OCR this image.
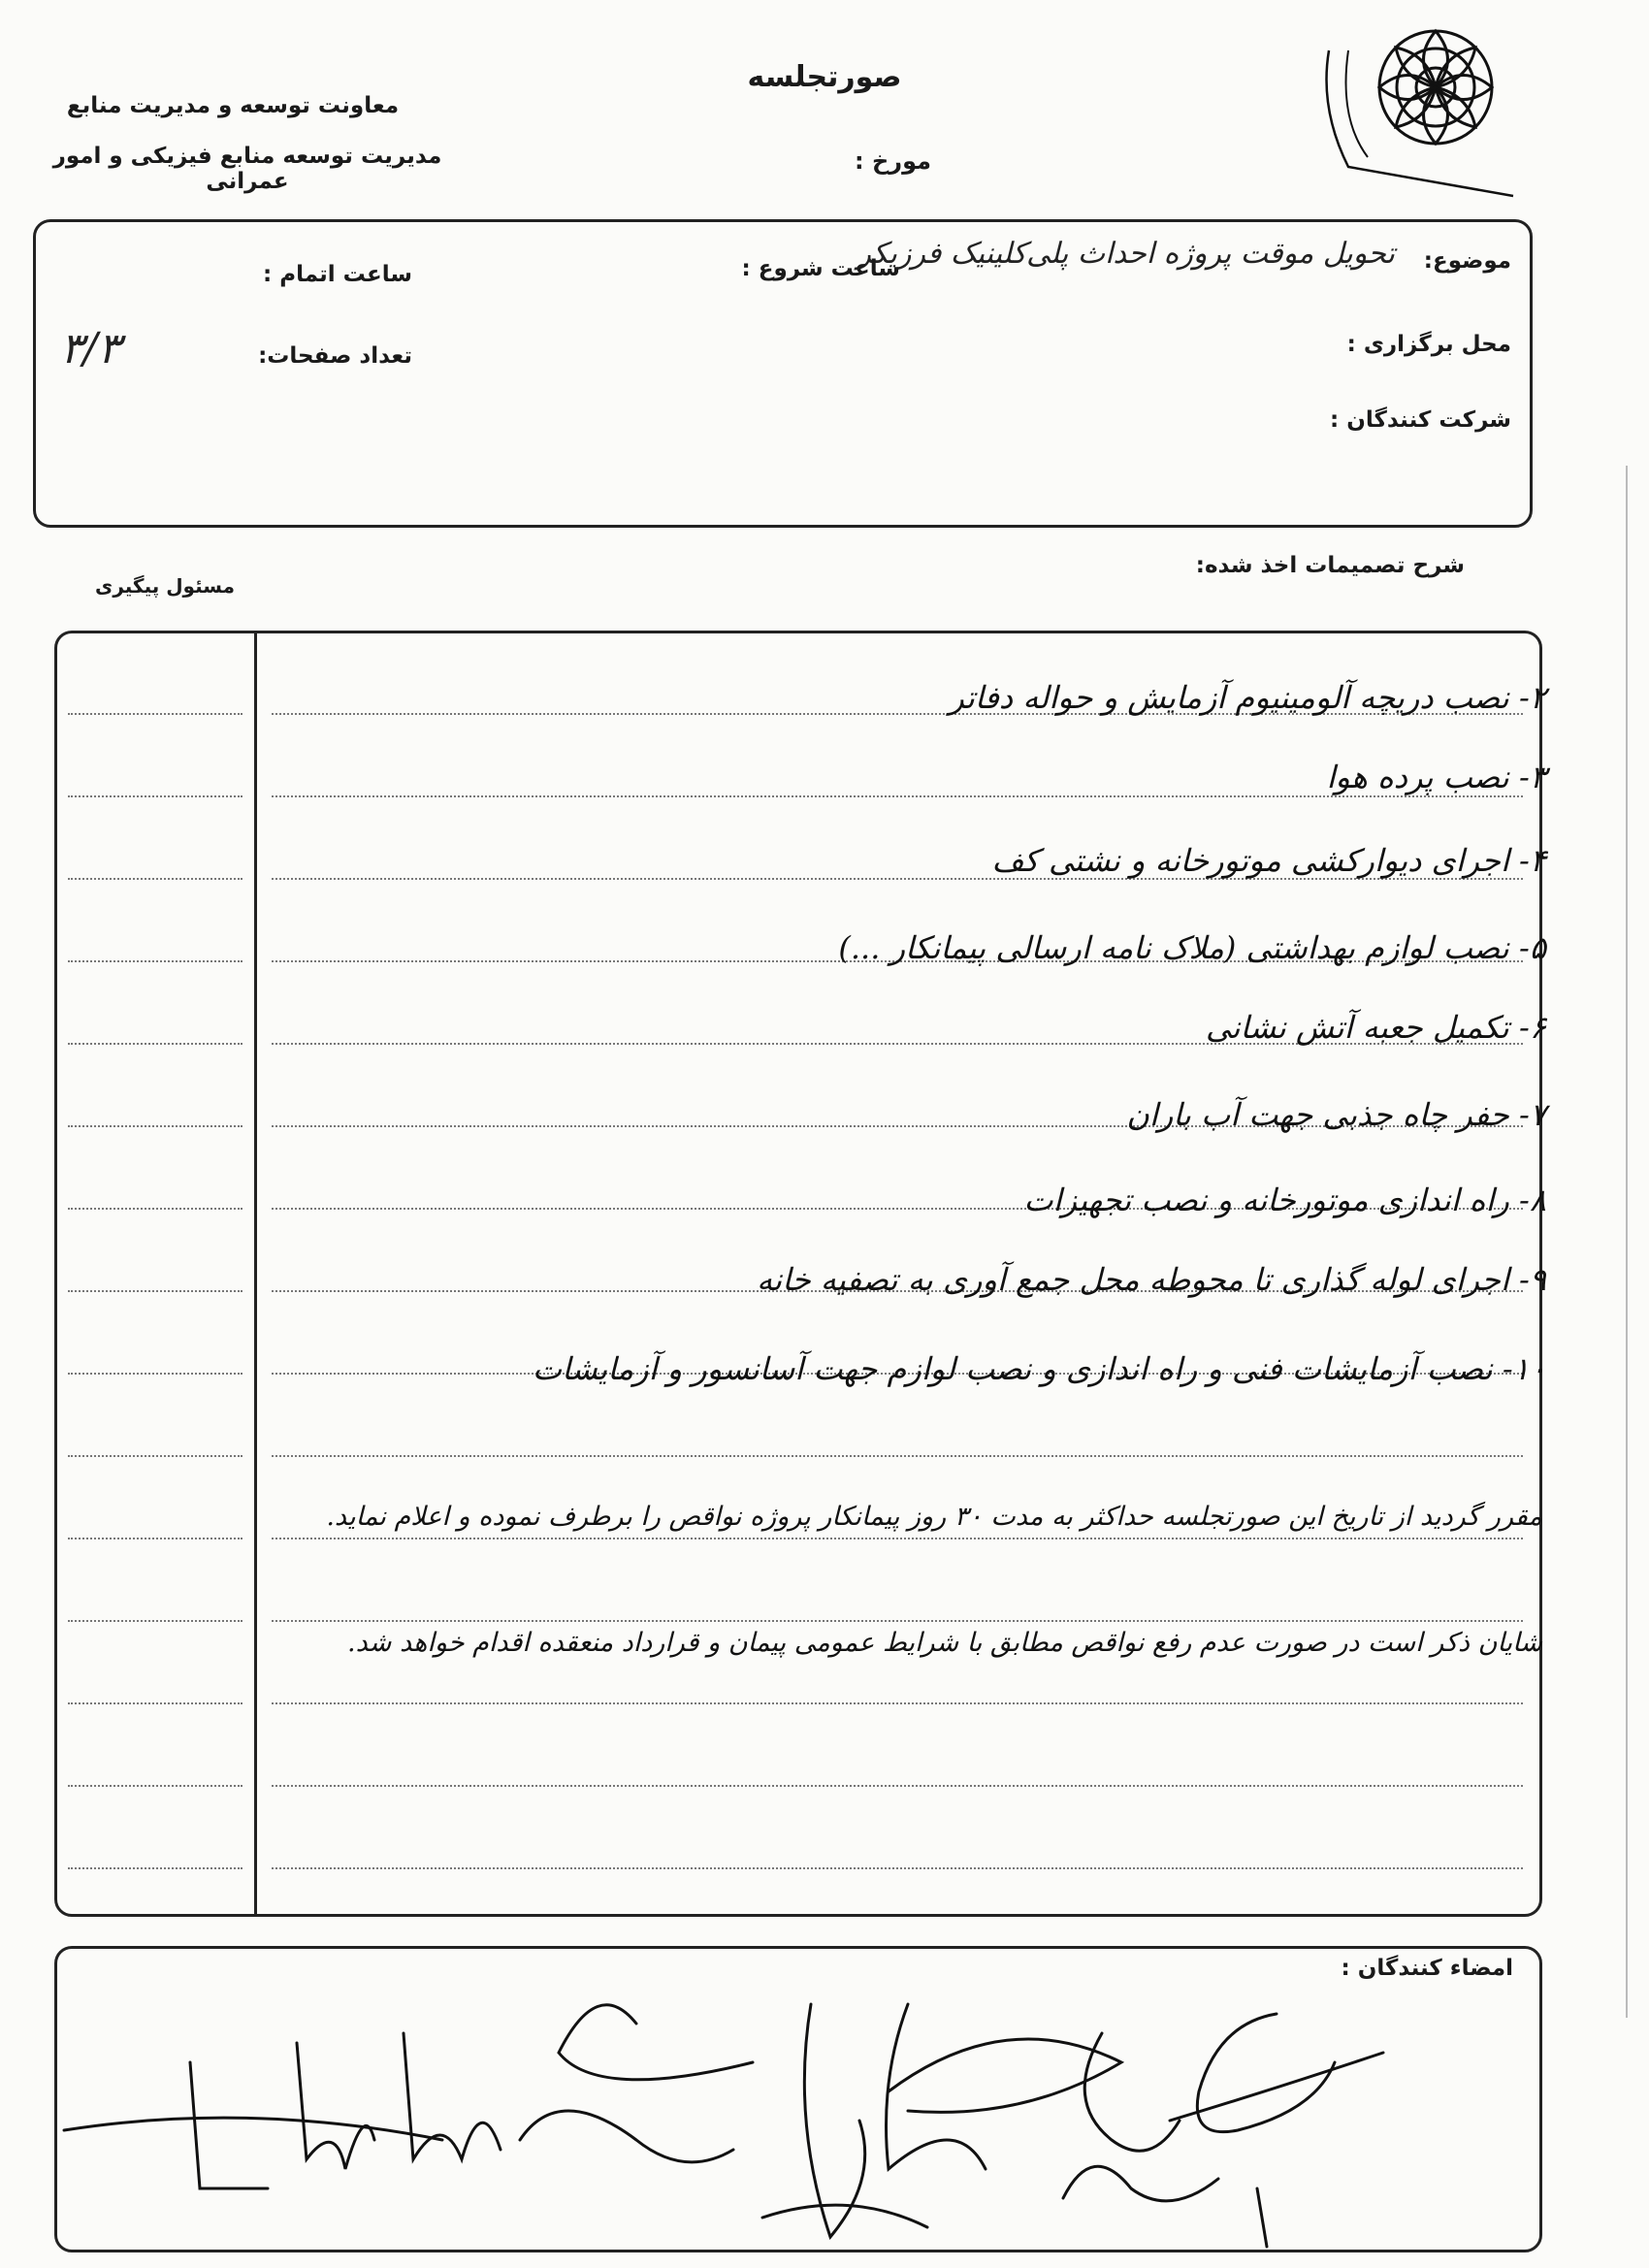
صورتجلسه
مورخ :
معاونت توسعه و مدیریت منابع
مدیریت توسعه منابع فیزیکی و امور عمرانی
موضوع:
تحویل موقت پروژه احداث پلی‌کلینیک فرزیکر
ساعت شروع :
ساعت اتمام :
محل برگزاری :
تعداد صفحات:
۳/۳
شرکت کنندگان :
شرح تصمیمات اخذ شده:
مسئول پیگیری
۲- نصب دریچه آلومینیوم آزمایش و حواله دفاتر
۳- نصب پرده هوا
۴- اجرای دیوارکشی موتورخانه و نشتی کف
۵- نصب لوازم بهداشتی (ملاک نامه ارسالی پیمانکار ...)
۶- تکمیل جعبه آتش نشانی
۷- حفر چاه جذبی جهت آب باران
۸- راه اندازی موتورخانه و نصب تجهیزات
۹- اجرای لوله گذاری تا محوطه محل جمع آوری به تصفیه خانه
۱۰- نصب آزمایشات فنی و راه اندازی و نصب لوازم جهت آسانسور و آزمایشات
مقرر گردید از تاریخ این صورتجلسه حداکثر به مدت ۳۰ روز پیمانکار پروژه نواقص را برطرف نموده و اعلام نماید.
شایان ذکر است در صورت عدم رفع نواقص مطابق با شرایط عمومی پیمان و قرارداد منعقده اقدام خواهد شد.
امضاء کنندگان :
